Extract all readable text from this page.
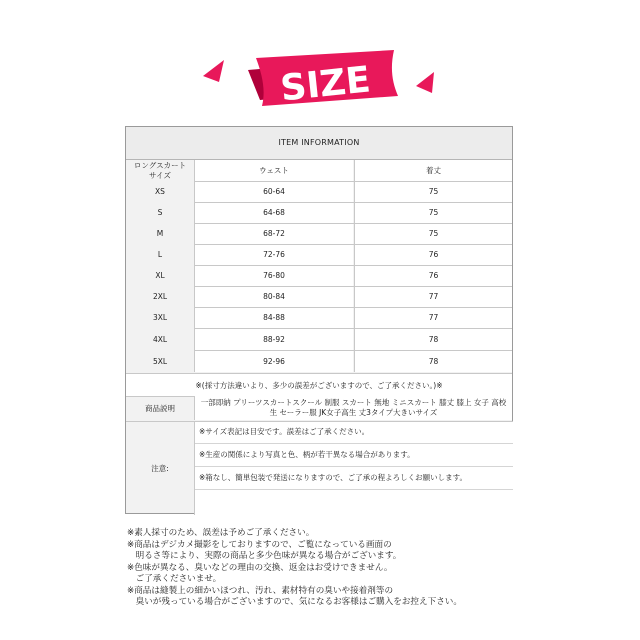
SIZE
ITEM INFORMATION
ロングスカート
サイズ
ウェスト	着丈
XS	60-64	75
S	64-68	75
M	68-72	75
L	72-76	76
XL	76-80	76
2XL	80-84	77
3XL	84-88	77
4XL	88-92	78
5XL	92-96	78
※(採寸方法違いより、多少の誤差がございますので、ご了承ください。)※
商品説明
一部即納 プリーツスカートスクール 制服 スカート 無地 ミニスカート 膝丈 膝上 女子 高校生 セーラー服 JK女子高生 丈3タイプ大きいサイズ
注意:
※サイズ表記は目安です。誤差はご了承ください。
※生産の関係により写真と色、柄が若干異なる場合があります。
※箱なし、簡単包装で発送になりますので、ご了承の程よろしくお願いします。
※素人採寸のため、誤差は予めご了承ください。
※商品はデジカメ撮影をしておりますので、ご覧になっている画面の
　明るさ等により、実際の商品と多少色味が異なる場合がございます。
※色味が異なる、臭いなどの理由の交換、返金はお受けできません。
　ご了承くださいませ。
※商品は縫製上の細かいほつれ、汚れ、素材特有の臭いや接着剤等の
　臭いが残っている場合がございますので、気になるお客様はご購入をお控え下さい。
